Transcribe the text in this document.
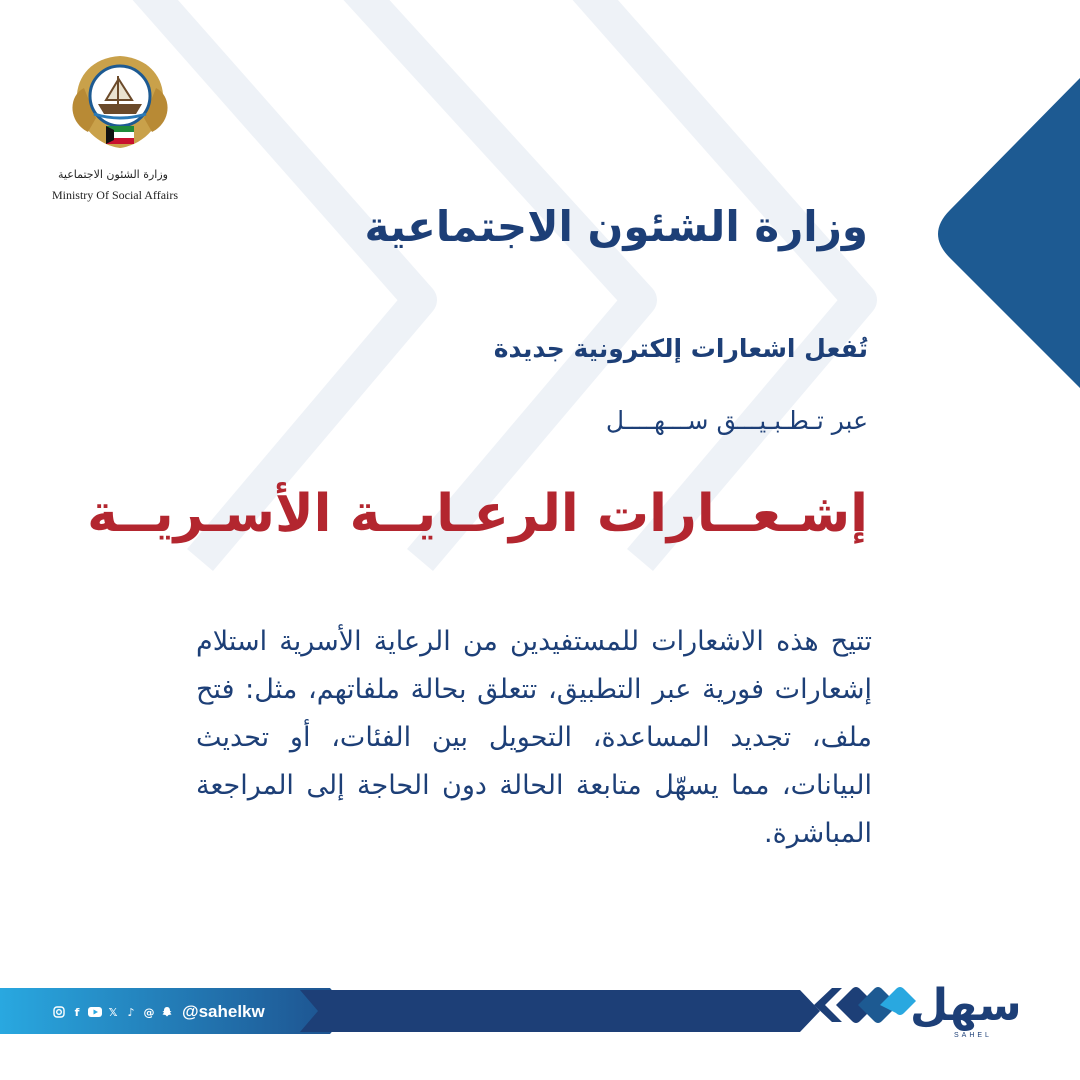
وزارة الشئون الاجتماعية
Ministry Of Social Affairs
وزارة الشئون الاجتماعية
تُفعل اشعارات إلكترونية جديدة
عبر تـطـبـيـــق ســـهــــل
إشـعــارات الرعـايــة الأسـريــة
تتيح هذه الاشعارات للمستفيدين من الرعاية الأسرية استلام إشعارات فورية عبر التطبيق، تتعلق بحالة ملفاتهم، مثل: فتح ملف، تجديد المساعدة، التحويل بين الفئات، أو تحديث البيانات، مما يسهّل متابعة الحالة دون الحاجة إلى المراجعة المباشرة.
f	𝕏 ♪ @ @sahelkw	سهل
SAHEL
